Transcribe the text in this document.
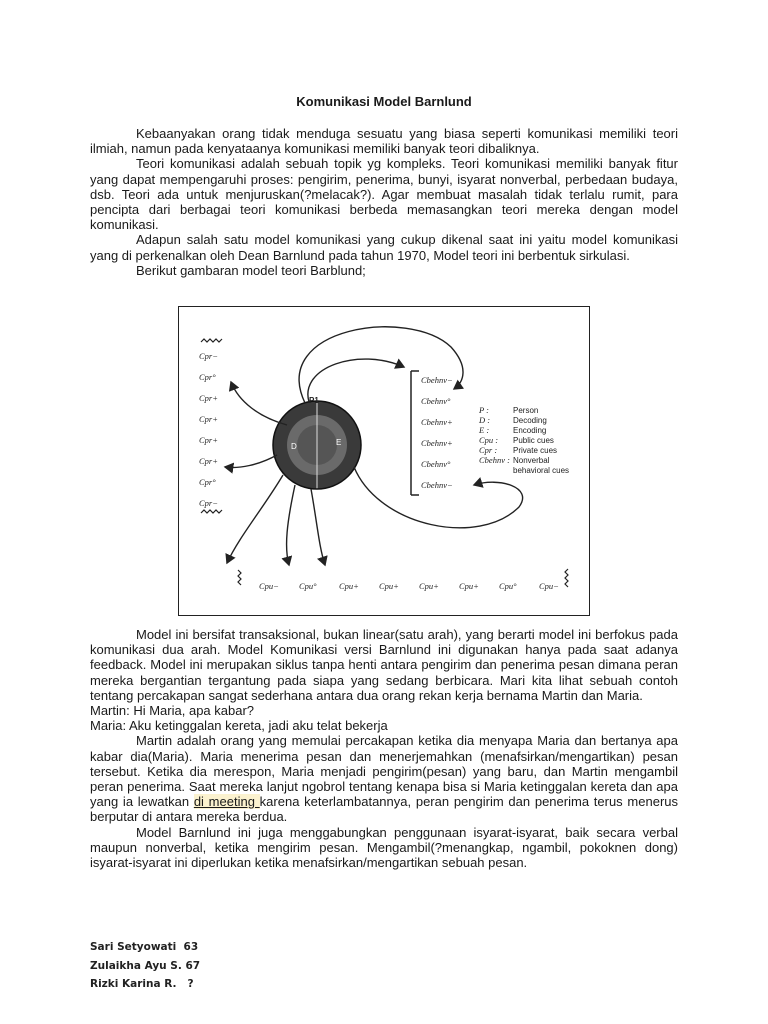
Komunikasi Model Barnlund

Kebaanyakan orang tidak menduga sesuatu yang biasa seperti komunikasi memiliki teori ilmiah, namun pada kenyataanya komunikasi memiliki banyak teori dibaliknya.

Teori komunikasi adalah sebuah topik yg kompleks. Teori komunikasi memiliki banyak fitur yang dapat mempengaruhi proses: pengirim, penerima, bunyi, isyarat nonverbal, perbedaan budaya, dsb. Teori ada untuk menjuruskan(?melacak?). Agar membuat masalah tidak terlalu rumit, para pencipta dari berbagai teori komunikasi berbeda memasangkan teori mereka dengan model komunikasi.

Adapun salah satu model komunikasi yang cukup dikenal saat ini yaitu model komunikasi yang di perkenalkan oleh Dean Barnlund pada tahun 1970, Model teori ini berbentuk sirkulasi.

Berikut gambaran model teori Barblund;

Cpr−
Cpr°
Cpr+
Cpr+
Cpr+
Cpr+
Cpr°
Cpr−
Cbehnv−
Cbehnv°
Cbehnv+
Cbehnv+
Cbehnv°
Cbehnv−
Cpu− Cpu°	Cpu+ Cpu+ Cpu+ Cpu+ Cpu°	Cpu−
P1
D	E
P :	Person
D :	Decoding
E :	Encoding
Cpu : Public cues
Cpr : Private cues
Cbehnv : Nonverbal
behavioral cues

Model ini bersifat transaksional, bukan linear(satu arah), yang berarti model ini berfokus pada komunikasi dua arah. Model Komunikasi versi Barnlund ini digunakan hanya pada saat adanya feedback. Model ini merupakan siklus tanpa henti antara pengirim dan penerima pesan dimana peran mereka bergantian tergantung pada siapa yang sedang berbicara. Mari kita lihat sebuah contoh tentang percakapan sangat sederhana antara dua orang rekan kerja bernama Martin dan Maria.

Martin: Hi Maria, apa kabar?

Maria: Aku ketinggalan kereta, jadi aku telat bekerja

Martin adalah orang yang memulai percakapan ketika dia menyapa Maria dan bertanya apa kabar dia(Maria). Maria menerima pesan dan menerjemahkan (menafsirkan/mengartikan) pesan tersebut. Ketika dia merespon, Maria menjadi pengirim(pesan) yang baru, dan Martin mengambil peran penerima. Saat mereka lanjut ngobrol tentang kenapa bisa si Maria ketinggalan kereta dan apa yang ia lewatkan di meeting karena keterlambatannya, peran pengirim dan penerima terus menerus berputar di antara mereka berdua.

Model Barnlund ini juga menggabungkan penggunaan isyarat-isyarat, baik secara verbal maupun nonverbal, ketika mengirim pesan. Mengambil(?menangkap, ngambil, pokoknen dong) isyarat-isyarat ini diperlukan ketika menafsirkan/mengartikan sebuah pesan.

Sari Setyowati  63
Zulaikha Ayu S. 67
Rizki Karina R.   ?
